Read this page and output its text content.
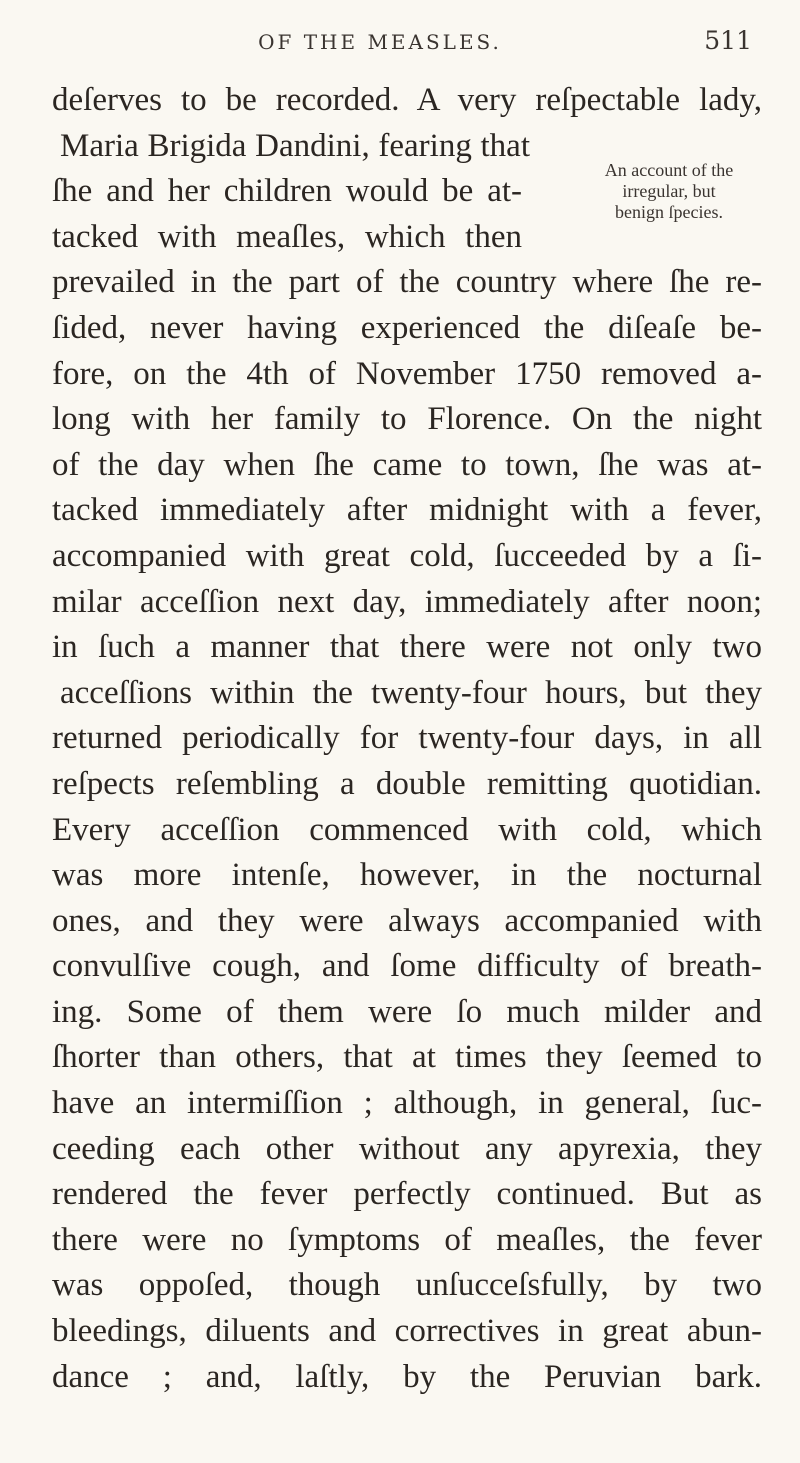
OF THE MEASLES.	511
An account of the
irregular, but
benign ſpecies.
deſerves to be recorded. A very reſpectable lady,
Maria Brigida Dandini, fearing that
ſhe and her children would be at-
tacked with meaſles, which then
prevailed in the part of the country where ſhe re-
ſided, never having experienced the diſeaſe be-
fore, on the 4th of November 1750 removed a-
long with her family to Florence. On the night
of the day when ſhe came to town, ſhe was at-
tacked immediately after midnight with a fever,
accompanied with great cold, ſucceeded by a ſi-
milar acceſſion next day, immediately after noon;
in ſuch a manner that there were not only two
acceſſions within the twenty-four hours, but they
returned periodically for twenty-four days, in all
reſpects reſembling a double remitting quotidian.
Every acceſſion commenced with cold, which
was more intenſe, however, in the nocturnal
ones, and they were always accompanied with
convulſive cough, and ſome difficulty of breath-
ing. Some of them were ſo much milder and
ſhorter than others, that at times they ſeemed to
have an intermiſſion ; although, in general, ſuc-
ceeding each other without any apyrexia, they
rendered the fever perfectly continued. But as
there were no ſymptoms of meaſles, the fever
was oppoſed, though unſucceſsfully, by two
bleedings, diluents and correctives in great abun-
dance ; and, laſtly, by the Peruvian bark.
